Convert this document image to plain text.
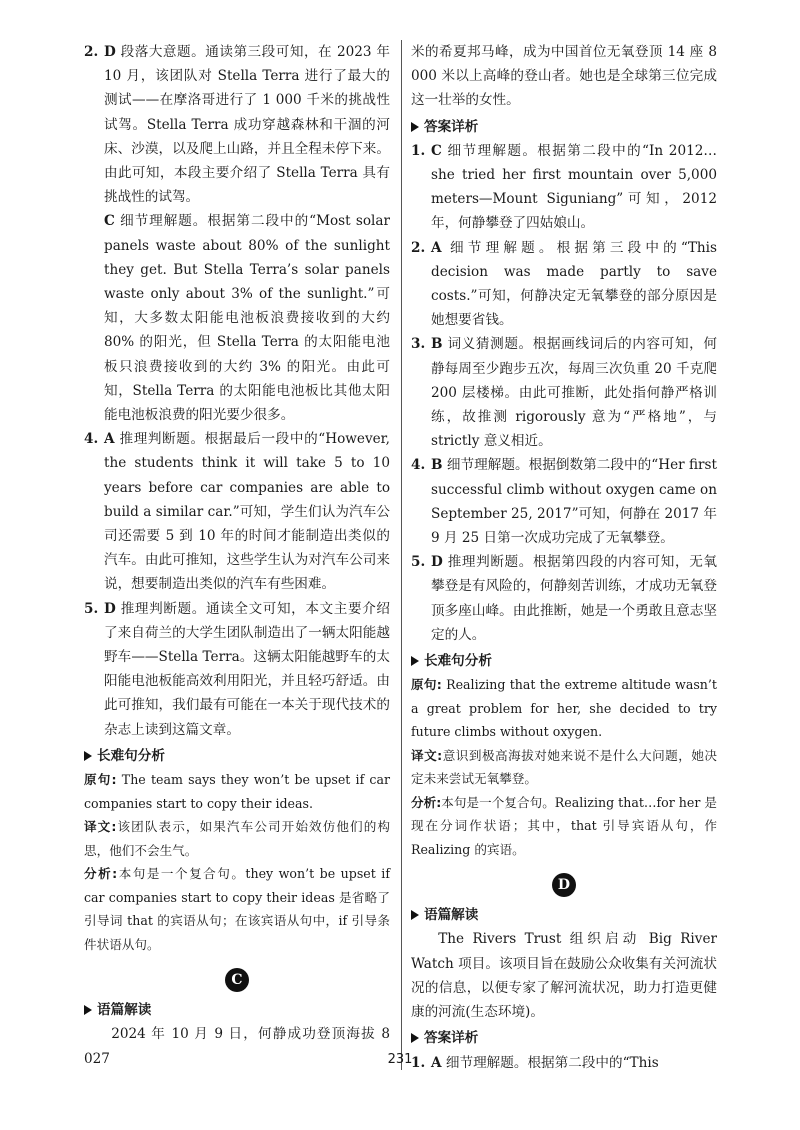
2. D 段落大意题。通读第三段可知，在 2023 年 10 月，该团队对 Stella Terra 进行了最大的测试——在摩洛哥进行了 1 000 千米的挑战性试驾。Stella Terra 成功穿越森林和干涸的河床、沙漠，以及爬上山路，并且全程未停下来。由此可知，本段主要介绍了 Stella Terra 具有挑战性的试驾。

C 细节理解题。根据第二段中的“Most solar panels waste about 80% of the sunlight they get. But Stella Terra’s solar panels waste only about 3% of the sunlight.”可知，大多数太阳能电池板浪费接收到的大约 80% 的阳光，但 Stella Terra 的太阳能电池板只浪费接收到的大约 3% 的阳光。由此可知，Stella Terra 的太阳能电池板比其他太阳能电池板浪费的阳光要少很多。

4. A 推理判断题。根据最后一段中的“However, the students think it will take 5 to 10 years before car companies are able to build a similar car.”可知，学生们认为汽车公司还需要 5 到 10 年的时间才能制造出类似的汽车。由此可推知，这些学生认为对汽车公司来说，想要制造出类似的汽车有些困难。

5. D 推理判断题。通读全文可知，本文主要介绍了来自荷兰的大学生团队制造出了一辆太阳能越野车——Stella Terra。这辆太阳能越野车的太阳能电池板能高效利用阳光，并且轻巧舒适。由此可推知，我们最有可能在一本关于现代技术的杂志上读到这篇文章。

长难句分析

原句: The team says they won’t be upset if car companies start to copy their ideas.

译文:该团队表示，如果汽车公司开始效仿他们的构思，他们不会生气。

分析:本句是一个复合句。they won’t be upset if car companies start to copy their ideas 是省略了引导词 that 的宾语从句；在该宾语从句中，if 引导条件状语从句。

C
语篇解读

2024 年 10 月 9 日，何静成功登顶海拔 8 027

米的希夏邦马峰，成为中国首位无氧登顶 14 座 8 000 米以上高峰的登山者。她也是全球第三位完成这一壮举的女性。

答案详析

1. C 细节理解题。根据第二段中的“In 2012… she tried her first mountain over 5,000 meters—Mount Siguniang”可知，2012 年，何静攀登了四姑娘山。

2. A 细节理解题。根据第三段中的“This decision was made partly to save costs.”可知，何静决定无氧攀登的部分原因是她想要省钱。

3. B 词义猜测题。根据画线词后的内容可知，何静每周至少跑步五次，每周三次负重 20 千克爬 200 层楼梯。由此可推断，此处指何静严格训练，故推测 rigorously 意为“严格地”，与 strictly 意义相近。

4. B 细节理解题。根据倒数第二段中的“Her first successful climb without oxygen came on September 25, 2017”可知，何静在 2017 年 9 月 25 日第一次成功完成了无氧攀登。

5. D 推理判断题。根据第四段的内容可知，无氧攀登是有风险的，何静刻苦训练，才成功无氧登顶多座山峰。由此推断，她是一个勇敢且意志坚定的人。

长难句分析

原句: Realizing that the extreme altitude wasn’t a great problem for her, she decided to try future climbs without oxygen.

译文:意识到极高海拔对她来说不是什么大问题，她决定未来尝试无氧攀登。

分析:本句是一个复合句。Realizing that…for her 是现在分词作状语；其中，that 引导宾语从句，作 Realizing 的宾语。

D
语篇解读

The Rivers Trust 组织启动 Big River Watch 项目。该项目旨在鼓励公众收集有关河流状况的信息，以便专家了解河流状况，助力打造更健康的河流(生态环境)。

答案详析

1. A 细节理解题。根据第二段中的“This

231
